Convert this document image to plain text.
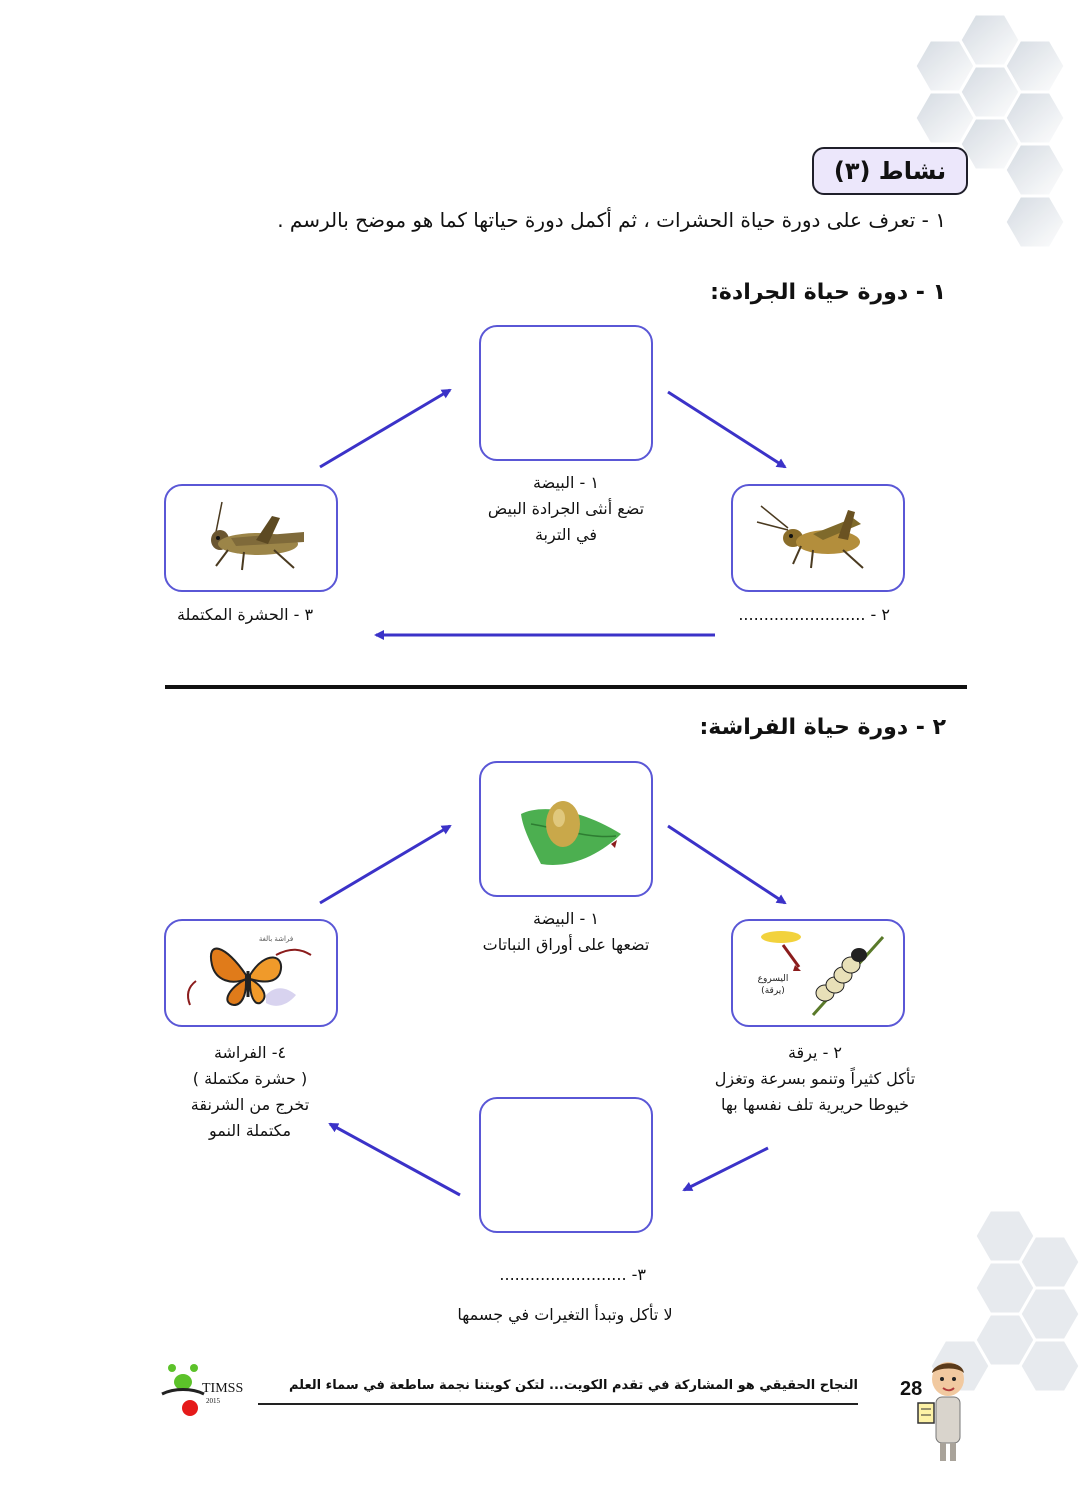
نشاط (٣)
١ - تعرف على دورة حياة الحشرات ، ثم أكمل دورة حياتها كما هو موضح بالرسم .
١ - دورة حياة الجرادة:
١ - البيضة
تضع أنثى الجرادة البيض
في التربة
٢ - .........................
٣ - الحشرة المكتملة
٢ - دورة حياة الفراشة:
١ - البيضة
تضعها على أوراق النباتات
اليسروع
(يرقة)
٢ - يرقة
تأكل كثيراً وتنمو بسرعة وتغزل
خيوطا حريرية تلف نفسها بها
فراشة بالغة
٤- الفراشة
( حشرة مكتملة )
تخرج من الشرنقة
مكتملة النمو
٣- .........................
لا تأكل وتبدأ التغيرات في جسمها
النجاح الحقيقي هو المشاركة في تقدم الكويت... لتكن كويتنا نجمة ساطعة في سماء العلم 28
TIMSS
2015
